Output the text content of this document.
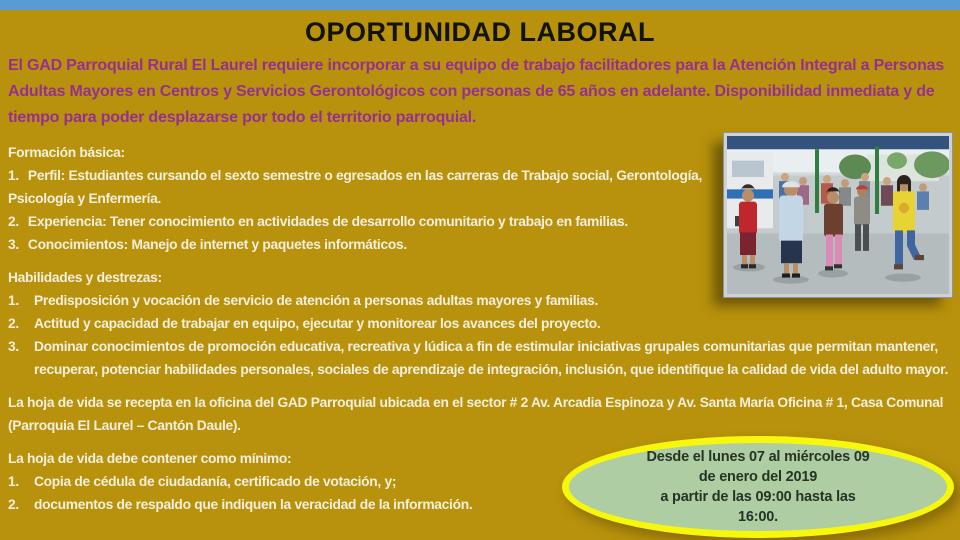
OPORTUNIDAD LABORAL

El GAD Parroquial Rural El Laurel requiere incorporar a su equipo de trabajo facilitadores para la Atención Integral a Personas Adultas Mayores en Centros y Servicios Gerontológicos con personas de 65 años en adelante. Disponibilidad inmediata y de tiempo para poder desplazarse por todo el territorio parroquial.

Formación básica:
1. Perfil: Estudiantes cursando el sexto semestre o egresados en las carreras de Trabajo social, Gerontología, Psicología y Enfermería.
2. Experiencia: Tener conocimiento en actividades de desarrollo comunitario y trabajo en familias.
3. Conocimientos: Manejo de internet y paquetes informáticos.
Habilidades y destrezas:
1.	Predisposición y vocación de servicio de atención a personas adultas mayores y familias.
2.	Actitud y capacidad de trabajar en equipo, ejecutar y monitorear los avances del proyecto.
3.	Dominar conocimientos de promoción educativa, recreativa y lúdica a fin de estimular iniciativas grupales comunitarias que permitan mantener, recuperar, potenciar habilidades personales, sociales de aprendizaje de integración, inclusión, que identifique la calidad de vida del adulto mayor.
La hoja de vida se recepta en la oficina del GAD Parroquial ubicada en el sector # 2 Av. Arcadia Espinoza y Av. Santa María Oficina # 1, Casa Comunal (Parroquia El Laurel – Cantón Daule).
La hoja de vida debe contener como mínimo:
1.	Copia de cédula de ciudadanía, certificado de votación, y;
2.	documentos de respaldo que indiquen la veracidad de la información.
Desde el lunes 07 al miércoles 09
de enero del 2019
a partir de las 09:00 hasta las
16:00.
